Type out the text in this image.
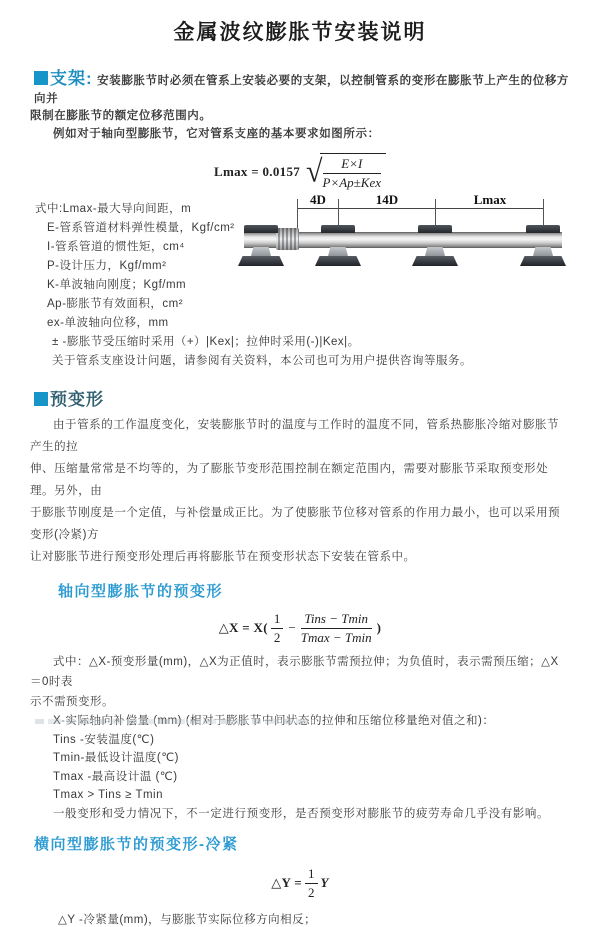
金属波纹膨胀节安装说明
支架: 安装膨胀节时必须在管系上安装必要的支架，以控制管系的变形在膨胀节上产生的位移方向并
限制在膨胀节的额定位移范围内。
例如对于轴向型膨胀节，它对管系支座的基本要求如图所示：
Lmax = 0.0157 √ $\frac{E\times I}{\text{P×Ap±Kex}}$
式中:Lmax-最大导向间距，m
E-管系管道材料弹性模量，Kgf/cm²
I-管系管道的惯性矩，cm⁴
P-设计压力，Kgf/mm²
K-单波轴向刚度；Kgf/mm
Ap-膨胀节有效面积，cm²
ex-单波轴向位移，mm
± -膨胀节受压缩时采用（+）|Kex|；拉伸时采用(-)|Kex|。
关于管系支座设计问题，请参阅有关资料，本公司也可为用户提供咨询等服务。
预变形
由于管系的工作温度变化，安装膨胀节时的温度与工作时的温度不同，管系热膨胀冷缩对膨胀节产生的拉
伸、压缩量常常是不均等的，为了膨胀节变形范围控制在额定范围内，需要对膨胀节采取预变形处理。另外，由
于膨胀节刚度是一个定值，与补偿量成正比。为了使膨胀节位移对管系的作用力最小，也可以采用预变形(冷紧)方
让对膨胀节进行预变形处理后再将膨胀节在预变形状态下安装在管系中。
轴向型膨胀节的预变形
△X = $X( \frac{1}{2} - \frac{\text{Tins − Tmin}}{Tmax - Tmin}$ )
式中：△X-预变形量(mm)，△X为正值时，表示膨胀节需预拉伸；为负值时，表示需预压缩；△X＝0时表
示不需预变形。
X-实际轴向补偿量 (mm) (相对于膨胀节中间状态的拉伸和压缩位移量绝对值之和)：
Tins -安装温度(℃)
Tmin-最低设计温度(℃)
Tmax -最高设计温 (℃)
Tmax > Tins ≥ Tmin
一般变形和受力情况下，不一定进行预变形，是否预变形对膨胀节的疲劳寿命几乎没有影响。
横向型膨胀节的预变形-冷紧
△Y = $\frac{1}{2}$ Y
△Y -冷紧量(mm)，与膨胀节实际位移方向相反；
4D	14D	Lmax
